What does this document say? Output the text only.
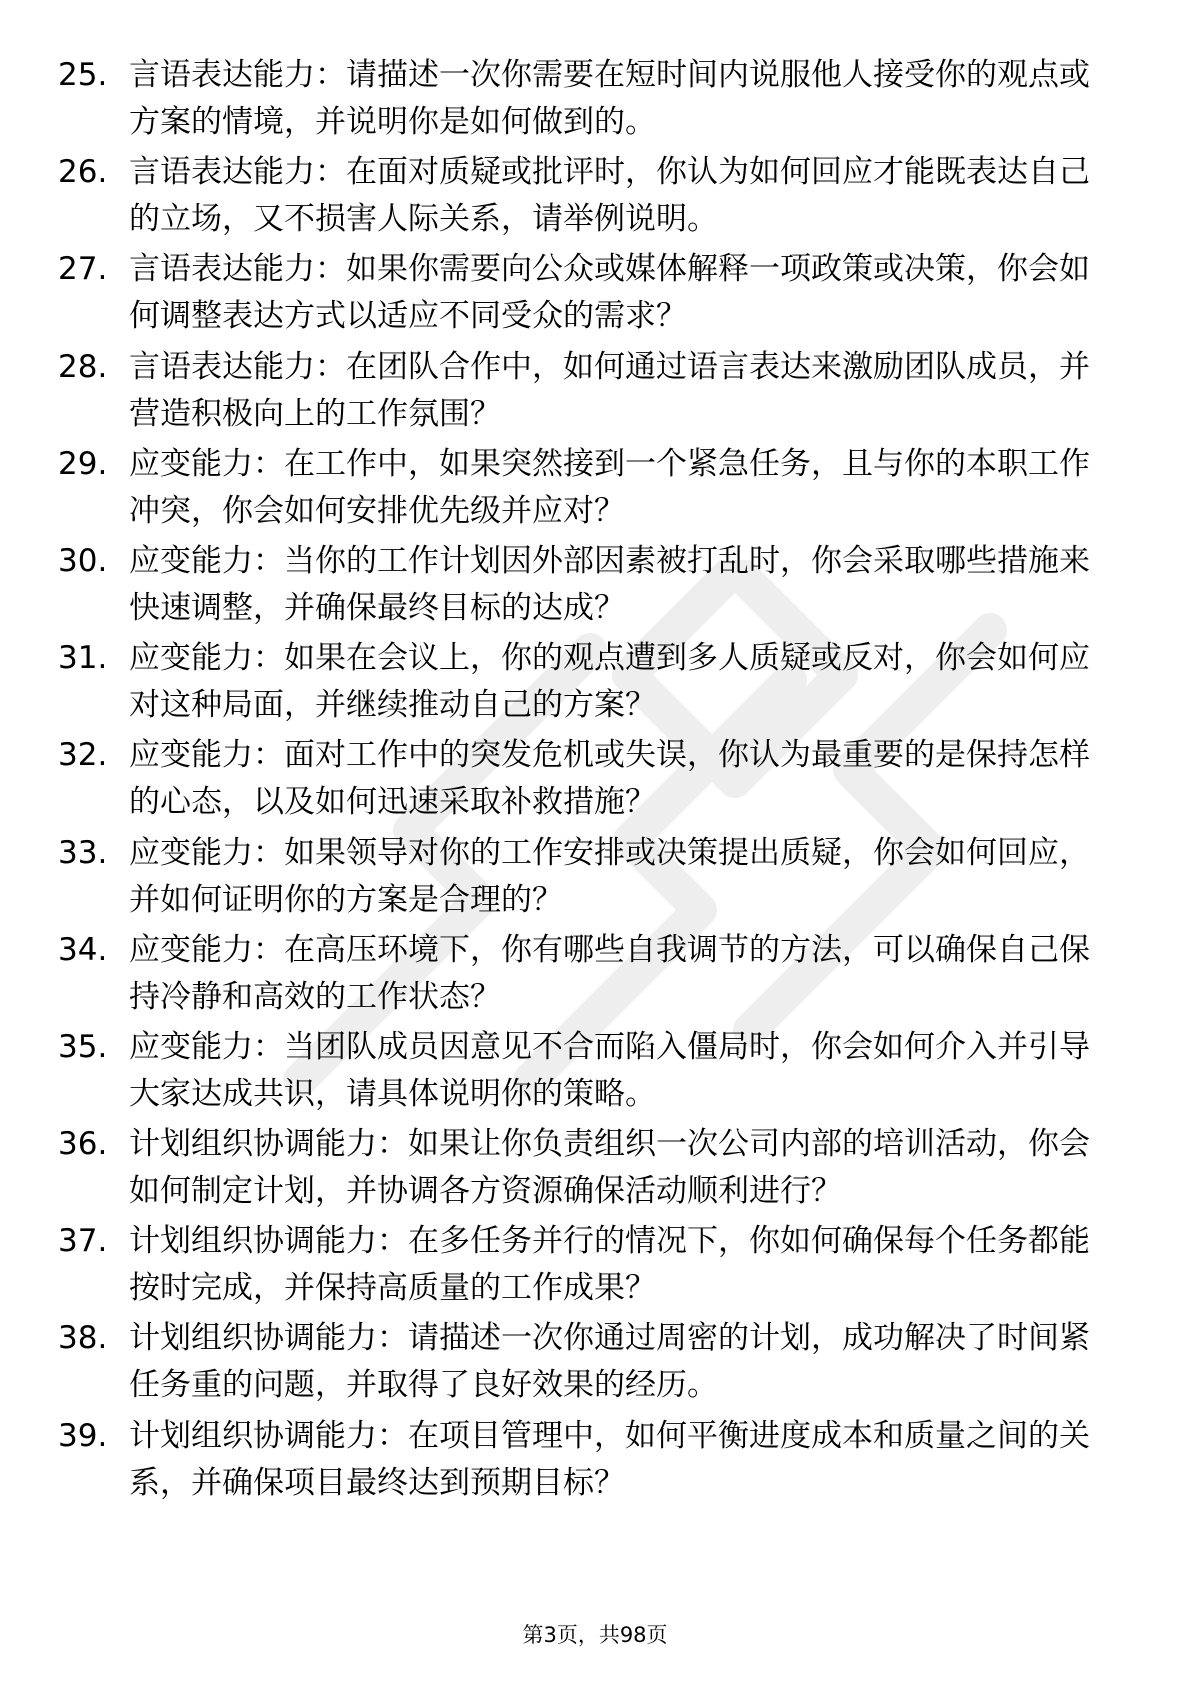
25. 言语表达能力：请描述一次你需要在短时间内说服他人接受你的观点或方案的情境，并说明你是如何做到的。
26. 言语表达能力：在面对质疑或批评时，你认为如何回应才能既表达自己的立场，又不损害人际关系，请举例说明。
27. 言语表达能力：如果你需要向公众或媒体解释一项政策或决策，你会如何调整表达方式以适应不同受众的需求？
28. 言语表达能力：在团队合作中，如何通过语言表达来激励团队成员，并营造积极向上的工作氛围？
29. 应变能力：在工作中，如果突然接到一个紧急任务，且与你的本职工作冲突，你会如何安排优先级并应对？
30. 应变能力：当你的工作计划因外部因素被打乱时，你会采取哪些措施来快速调整，并确保最终目标的达成？
31. 应变能力：如果在会议上，你的观点遭到多人质疑或反对，你会如何应对这种局面，并继续推动自己的方案？
32. 应变能力：面对工作中的突发危机或失误，你认为最重要的是保持怎样的心态，以及如何迅速采取补救措施？
33. 应变能力：如果领导对你的工作安排或决策提出质疑，你会如何回应，并如何证明你的方案是合理的？
34. 应变能力：在高压环境下，你有哪些自我调节的方法，可以确保自己保持冷静和高效的工作状态？
35. 应变能力：当团队成员因意见不合而陷入僵局时，你会如何介入并引导大家达成共识，请具体说明你的策略。
36. 计划组织协调能力：如果让你负责组织一次公司内部的培训活动，你会如何制定计划，并协调各方资源确保活动顺利进行？
37. 计划组织协调能力：在多任务并行的情况下，你如何确保每个任务都能按时完成，并保持高质量的工作成果？
38. 计划组织协调能力：请描述一次你通过周密的计划，成功解决了时间紧任务重的问题，并取得了良好效果的经历。
39. 计划组织协调能力：在项目管理中，如何平衡进度成本和质量之间的关系，并确保项目最终达到预期目标？
第3页，共98页
